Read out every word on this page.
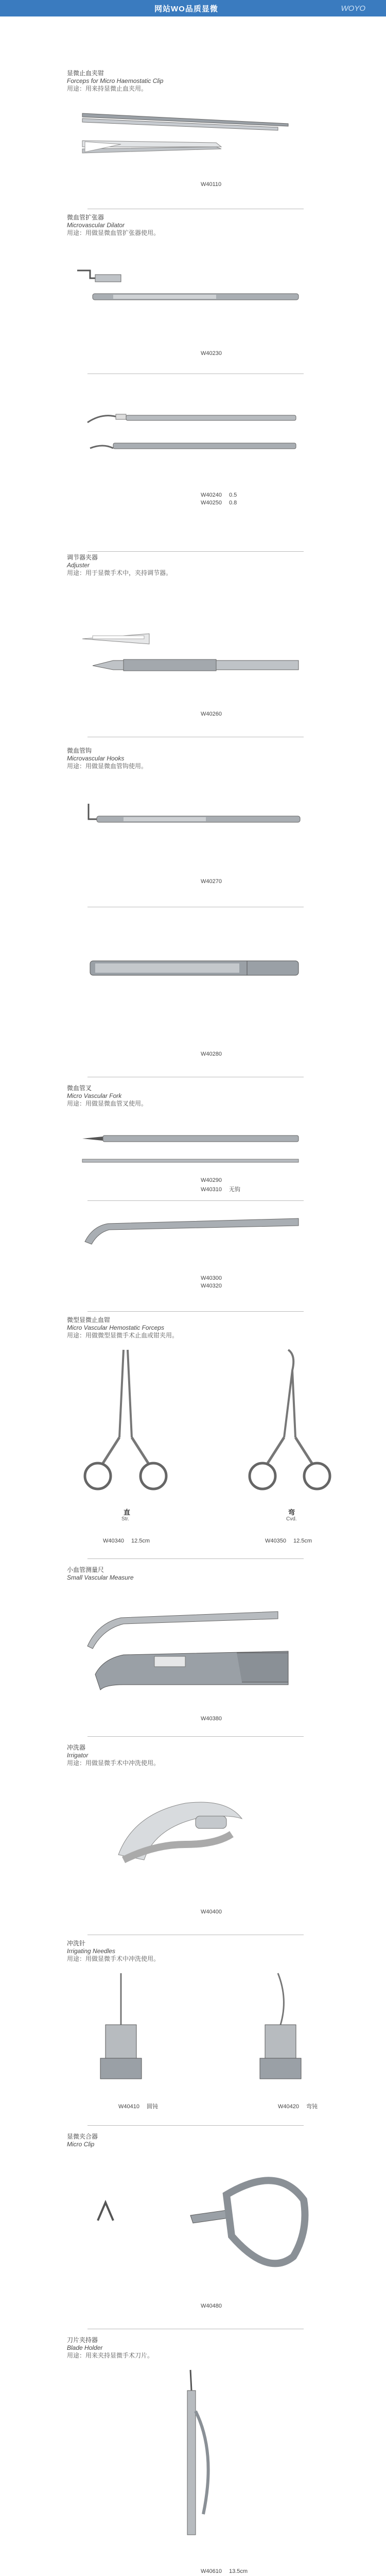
网站WO品质显微	WOYO
显微止血夹钳
Forceps for Micro Haemostatic Clip
用途：用来持显微止血夹用。
W40110
微血管扩张器
Microvascular Dilator
用途：用做显微血管扩张器使用。
W40230
W40240 0.5
W40250 0.8
调节器夹器
Adjuster
用途：用于显微手术中，夹持调节器。
W40260
微血管钩
Microvascular Hooks
用途：用做显微血管钩使用。
W40270
W40280
微血管叉
Micro Vascular Fork
用途：用做显微血管叉使用。
W40290
W40310 无钩
W40300
W40320
微型显微止血钳
Micro Vascular Hemostatic Forceps
用途：用做微型显微手术止血或钳夹用。
直
Str.
弯
Cvd.
W40340 12.5cm	W40350 12.5cm
小血管测量尺
Small Vascular Measure
W40380
冲洗器
Irrigator
用途：用做显微手术中冲洗使用。
W40400
冲洗针
Irrigating Needles
用途：用做显微手术中冲洗使用。
W40410 圆钝	W40420 弯钝
显微夹合器
Micro Clip
W40480
刀片夹持器
Blade Holder
用途：用来夹持显微手术刀片。
W40610 13.5cm
